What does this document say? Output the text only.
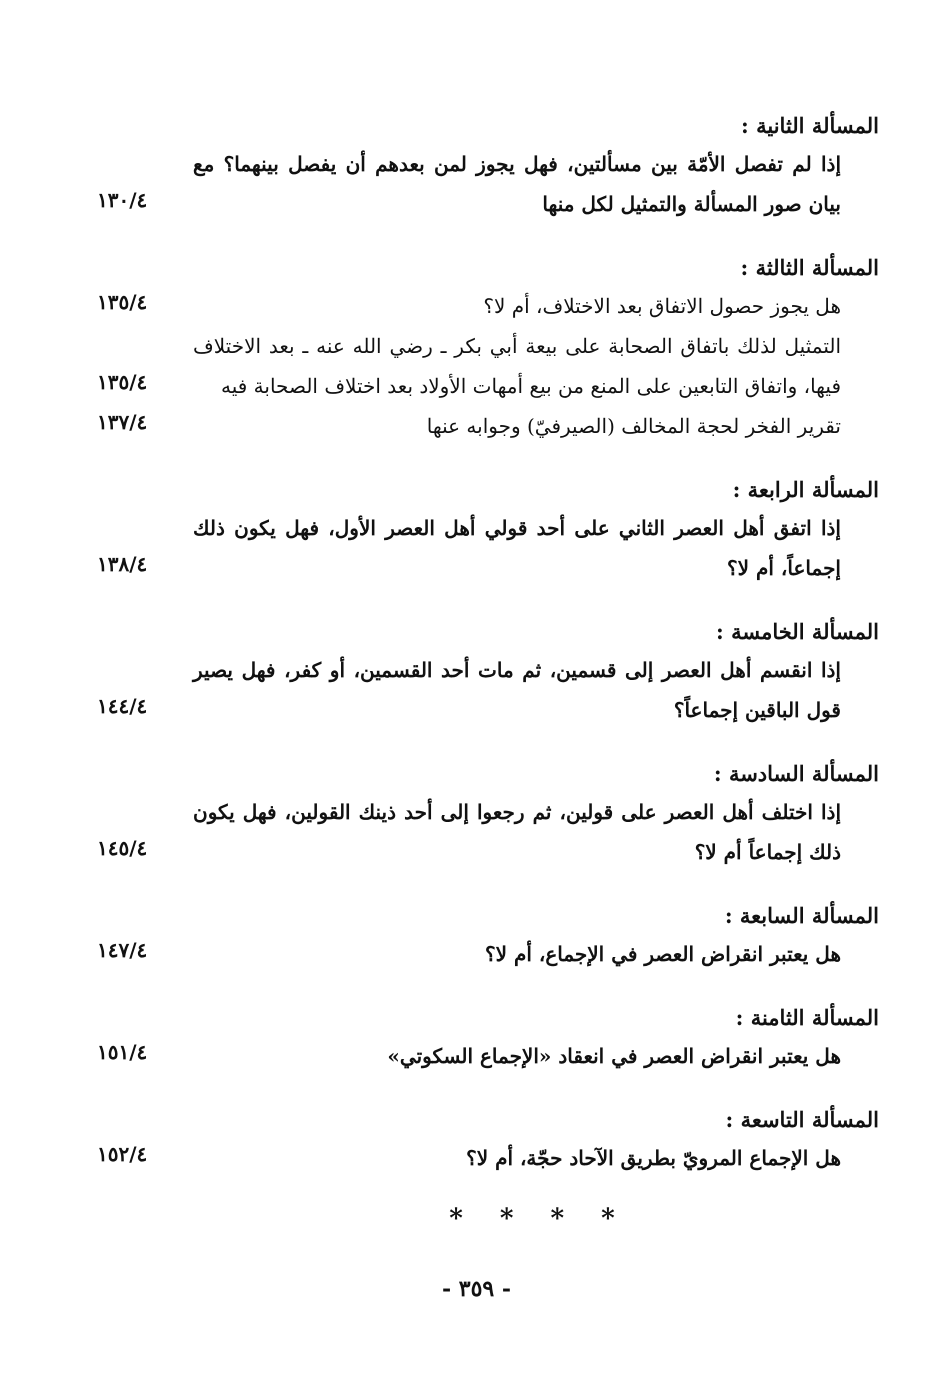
المسألة الثانية :
إذا لم تفصل الأمّة بين مسألتين، فهل يجوز لمن بعدهم أن يفصل بينهما؟ مع بيان صور المسألة والتمثيل لكل منها
١٣٠/٤
المسألة الثالثة :
هل يجوز حصول الاتفاق بعد الاختلاف، أم لا؟
١٣٥/٤
التمثيل لذلك باتفاق الصحابة على بيعة أبي بكر ـ رضي الله عنه ـ بعد الاختلاف فيها، واتفاق التابعين على المنع من بيع أمهات الأولاد بعد اختلاف الصحابة فيه
١٣٥/٤
تقرير الفخر لحجة المخالف (الصيرفيّ) وجوابه عنها
١٣٧/٤
المسألة الرابعة :
إذا اتفق أهل العصر الثاني على أحد قولي أهل العصر الأول، فهل يكون ذلك إجماعاً، أم لا؟
١٣٨/٤
المسألة الخامسة :
إذا انقسم أهل العصر إلى قسمين، ثم مات أحد القسمين، أو كفر، فهل يصير قول الباقين إجماعاً؟
١٤٤/٤
المسألة السادسة :
إذا اختلف أهل العصر على قولين، ثم رجعوا إلى أحد ذينك القولين، فهل يكون ذلك إجماعاً أم لا؟
١٤٥/٤
المسألة السابعة :
هل يعتبر انقراض العصر في الإجماع، أم لا؟
١٤٧/٤
المسألة الثامنة :
هل يعتبر انقراض العصر في انعقاد «الإجماع السكوتي»
١٥١/٤
المسألة التاسعة :
هل الإجماع المرويّ بطريق الآحاد حجّة، أم لا؟
١٥٢/٤
* * * *
- ٣٥٩ -
